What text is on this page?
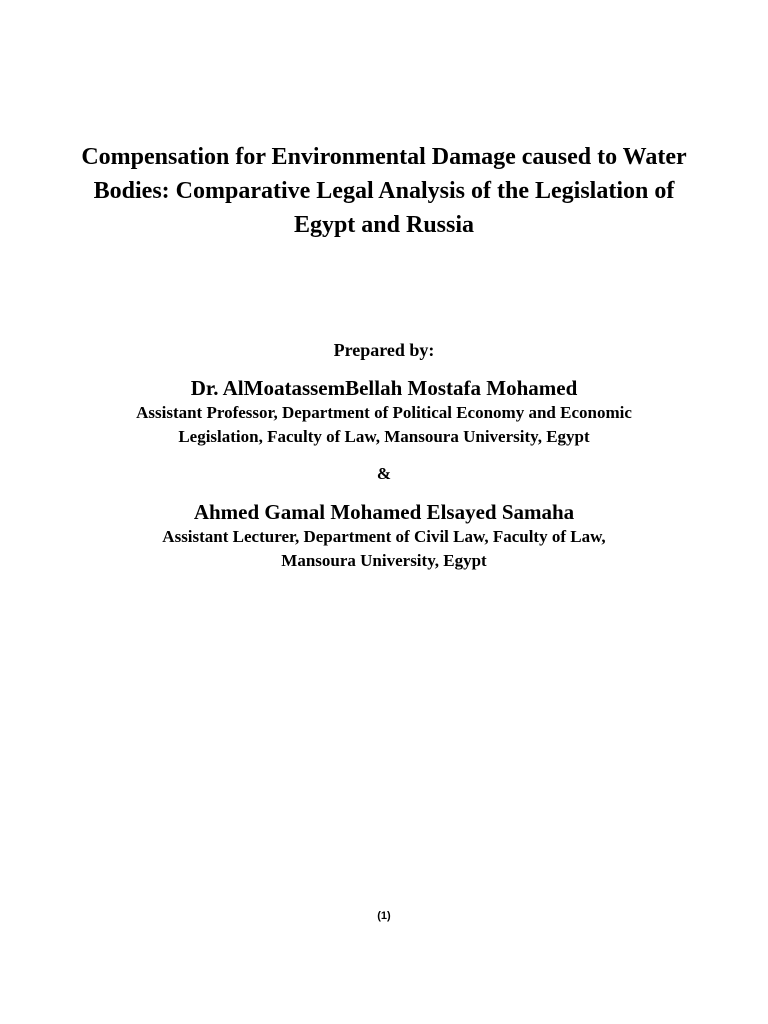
Compensation for Environmental Damage caused to Water
Bodies: Comparative Legal Analysis of the Legislation of
Egypt and Russia
Prepared by:
Dr. AlMoatassemBellah Mostafa Mohamed
Assistant Professor, Department of Political Economy and Economic
Legislation, Faculty of Law, Mansoura University, Egypt
&
Ahmed Gamal Mohamed Elsayed Samaha
Assistant Lecturer, Department of Civil Law, Faculty of Law,
Mansoura University, Egypt
(1)
